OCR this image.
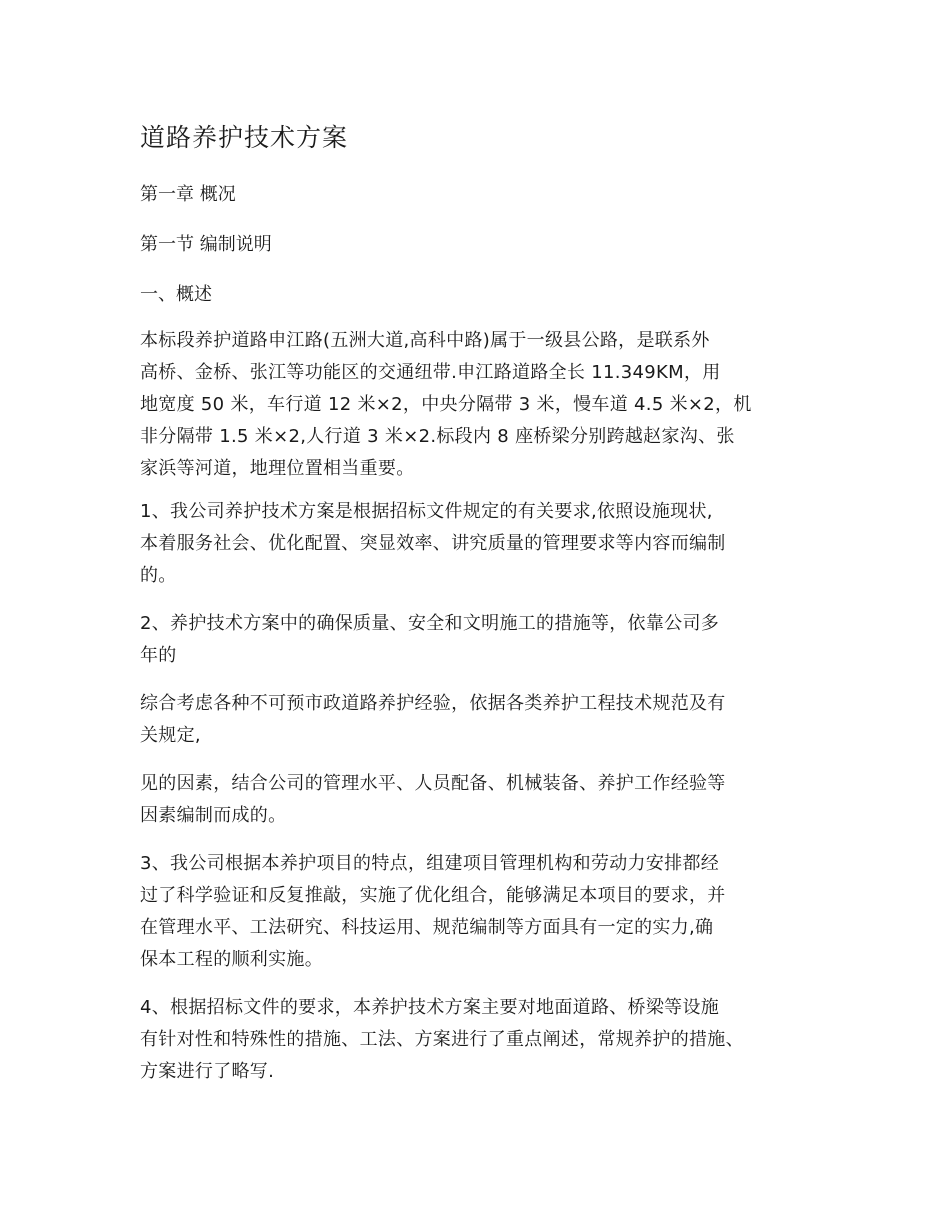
道路养护技术方案
第一章 概况
第一节 编制说明
一、概述
本标段养护道路申江路(五洲大道,高科中路)属于一级县公路，是联系外
高桥、金桥、张江等功能区的交通纽带.申江路道路全长 11.349KM，用
地宽度 50 米，车行道 12 米×2，中央分隔带 3 米，慢车道 4.5 米×2，机
非分隔带 1.5 米×2,人行道 3 米×2.标段内 8 座桥梁分别跨越赵家沟、张
家浜等河道，地理位置相当重要。
1、我公司养护技术方案是根据招标文件规定的有关要求,依照设施现状,
本着服务社会、优化配置、突显效率、讲究质量的管理要求等内容而编制
的。
2、养护技术方案中的确保质量、安全和文明施工的措施等，依靠公司多
年的
综合考虑各种不可预市政道路养护经验，依据各类养护工程技术规范及有
关规定,
见的因素，结合公司的管理水平、人员配备、机械装备、养护工作经验等
因素编制而成的。
3、我公司根据本养护项目的特点，组建项目管理机构和劳动力安排都经
过了科学验证和反复推敲，实施了优化组合，能够满足本项目的要求，并
在管理水平、工法研究、科技运用、规范编制等方面具有一定的实力,确
保本工程的顺利实施。
4、根据招标文件的要求，本养护技术方案主要对地面道路、桥梁等设施
有针对性和特殊性的措施、工法、方案进行了重点阐述，常规养护的措施、
方案进行了略写.
